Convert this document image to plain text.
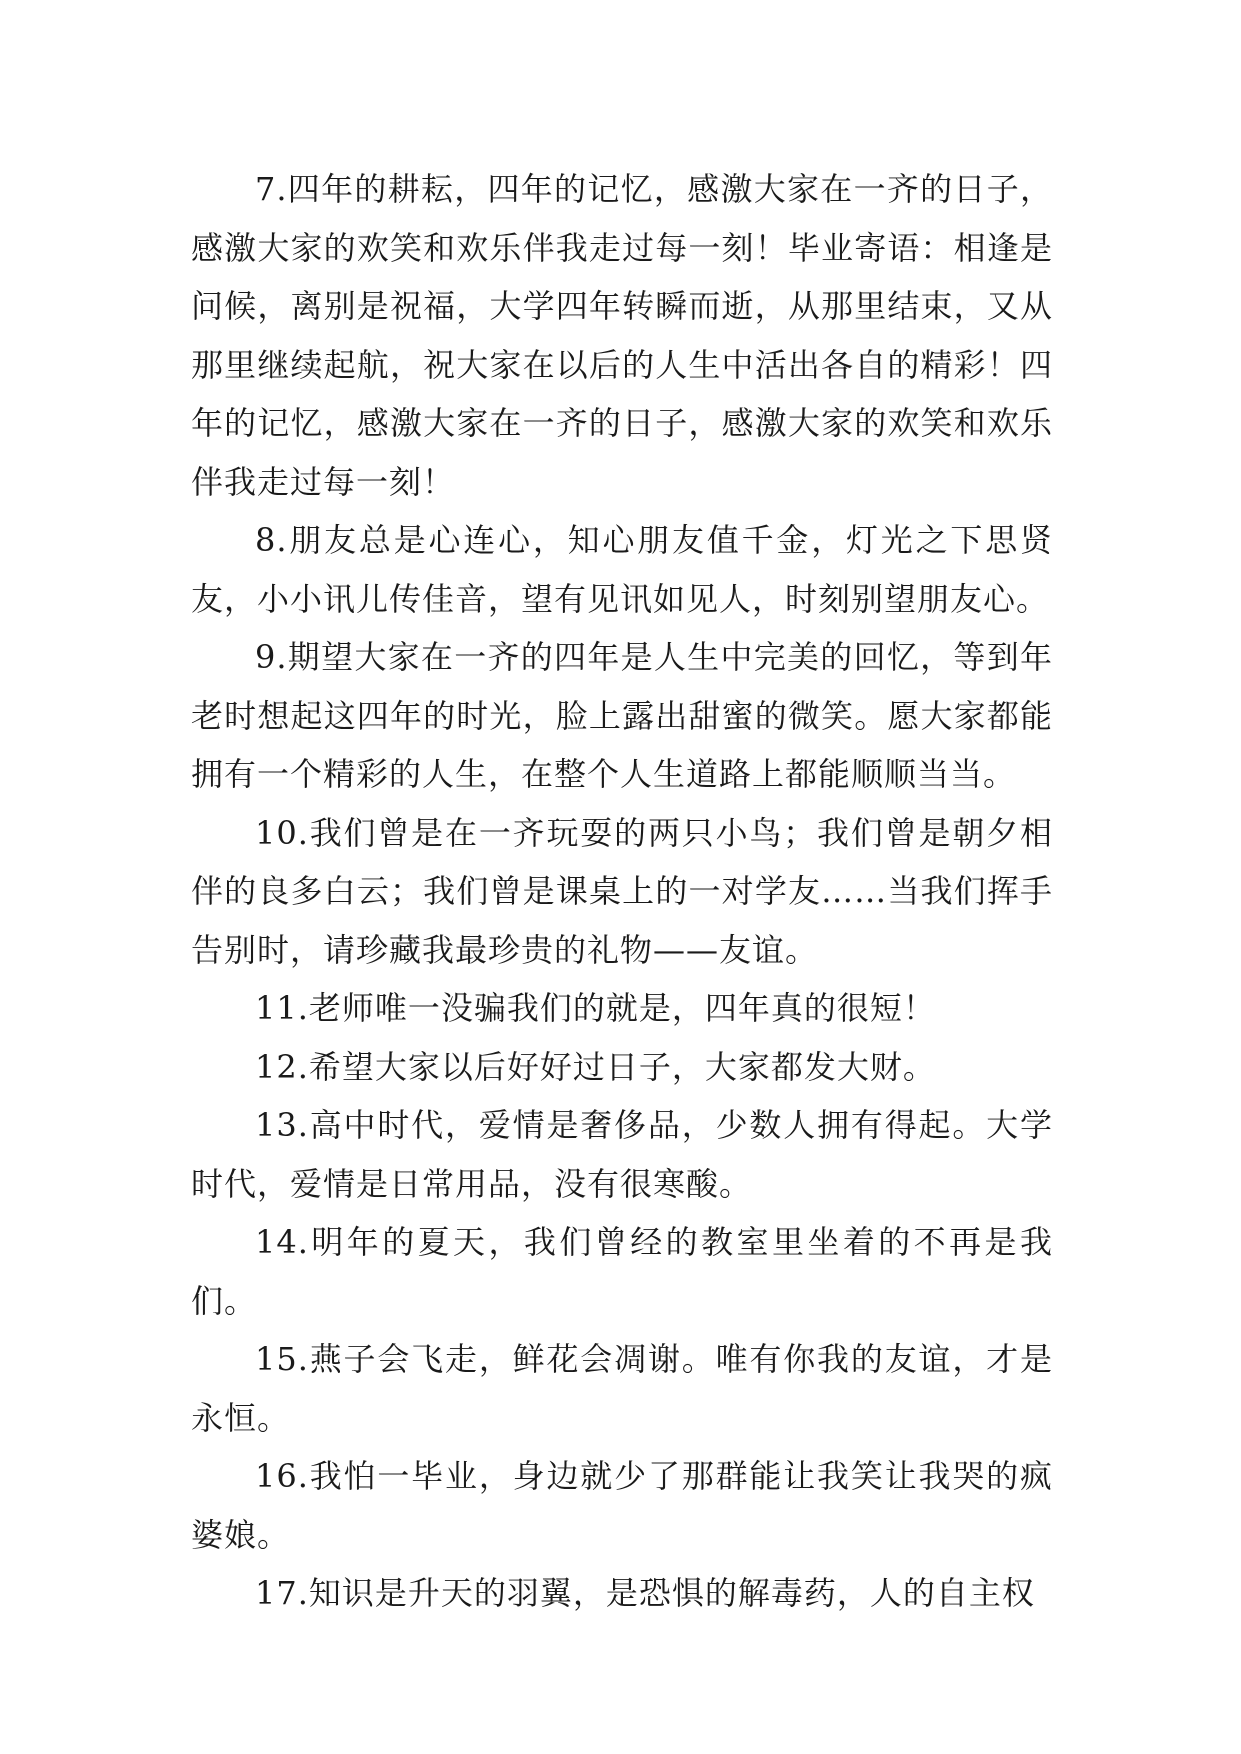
7.四年的耕耘，四年的记忆，感激大家在一齐的日子，感激大家的欢笑和欢乐伴我走过每一刻！毕业寄语：相逢是问候，离别是祝福，大学四年转瞬而逝，从那里结束，又从那里继续起航，祝大家在以后的人生中活出各自的精彩！四年的记忆，感激大家在一齐的日子，感激大家的欢笑和欢乐伴我走过每一刻！

8.朋友总是心连心，知心朋友值千金，灯光之下思贤友，小小讯儿传佳音，望有见讯如见人，时刻别望朋友心。

9.期望大家在一齐的四年是人生中完美的回忆，等到年老时想起这四年的时光，脸上露出甜蜜的微笑。愿大家都能拥有一个精彩的人生，在整个人生道路上都能顺顺当当。

10.我们曾是在一齐玩耍的两只小鸟；我们曾是朝夕相伴的良多白云；我们曾是课桌上的一对学友……当我们挥手告别时，请珍藏我最珍贵的礼物——友谊。

11.老师唯一没骗我们的就是，四年真的很短！

12.希望大家以后好好过日子，大家都发大财。

13.高中时代，爱情是奢侈品，少数人拥有得起。大学时代，爱情是日常用品，没有很寒酸。

14.明年的夏天，我们曾经的教室里坐着的不再是我们。

15.燕子会飞走，鲜花会凋谢。唯有你我的友谊，才是永恒。

16.我怕一毕业，身边就少了那群能让我笑让我哭的疯婆娘。

17.知识是升天的羽翼，是恐惧的解毒药，人的自主权
